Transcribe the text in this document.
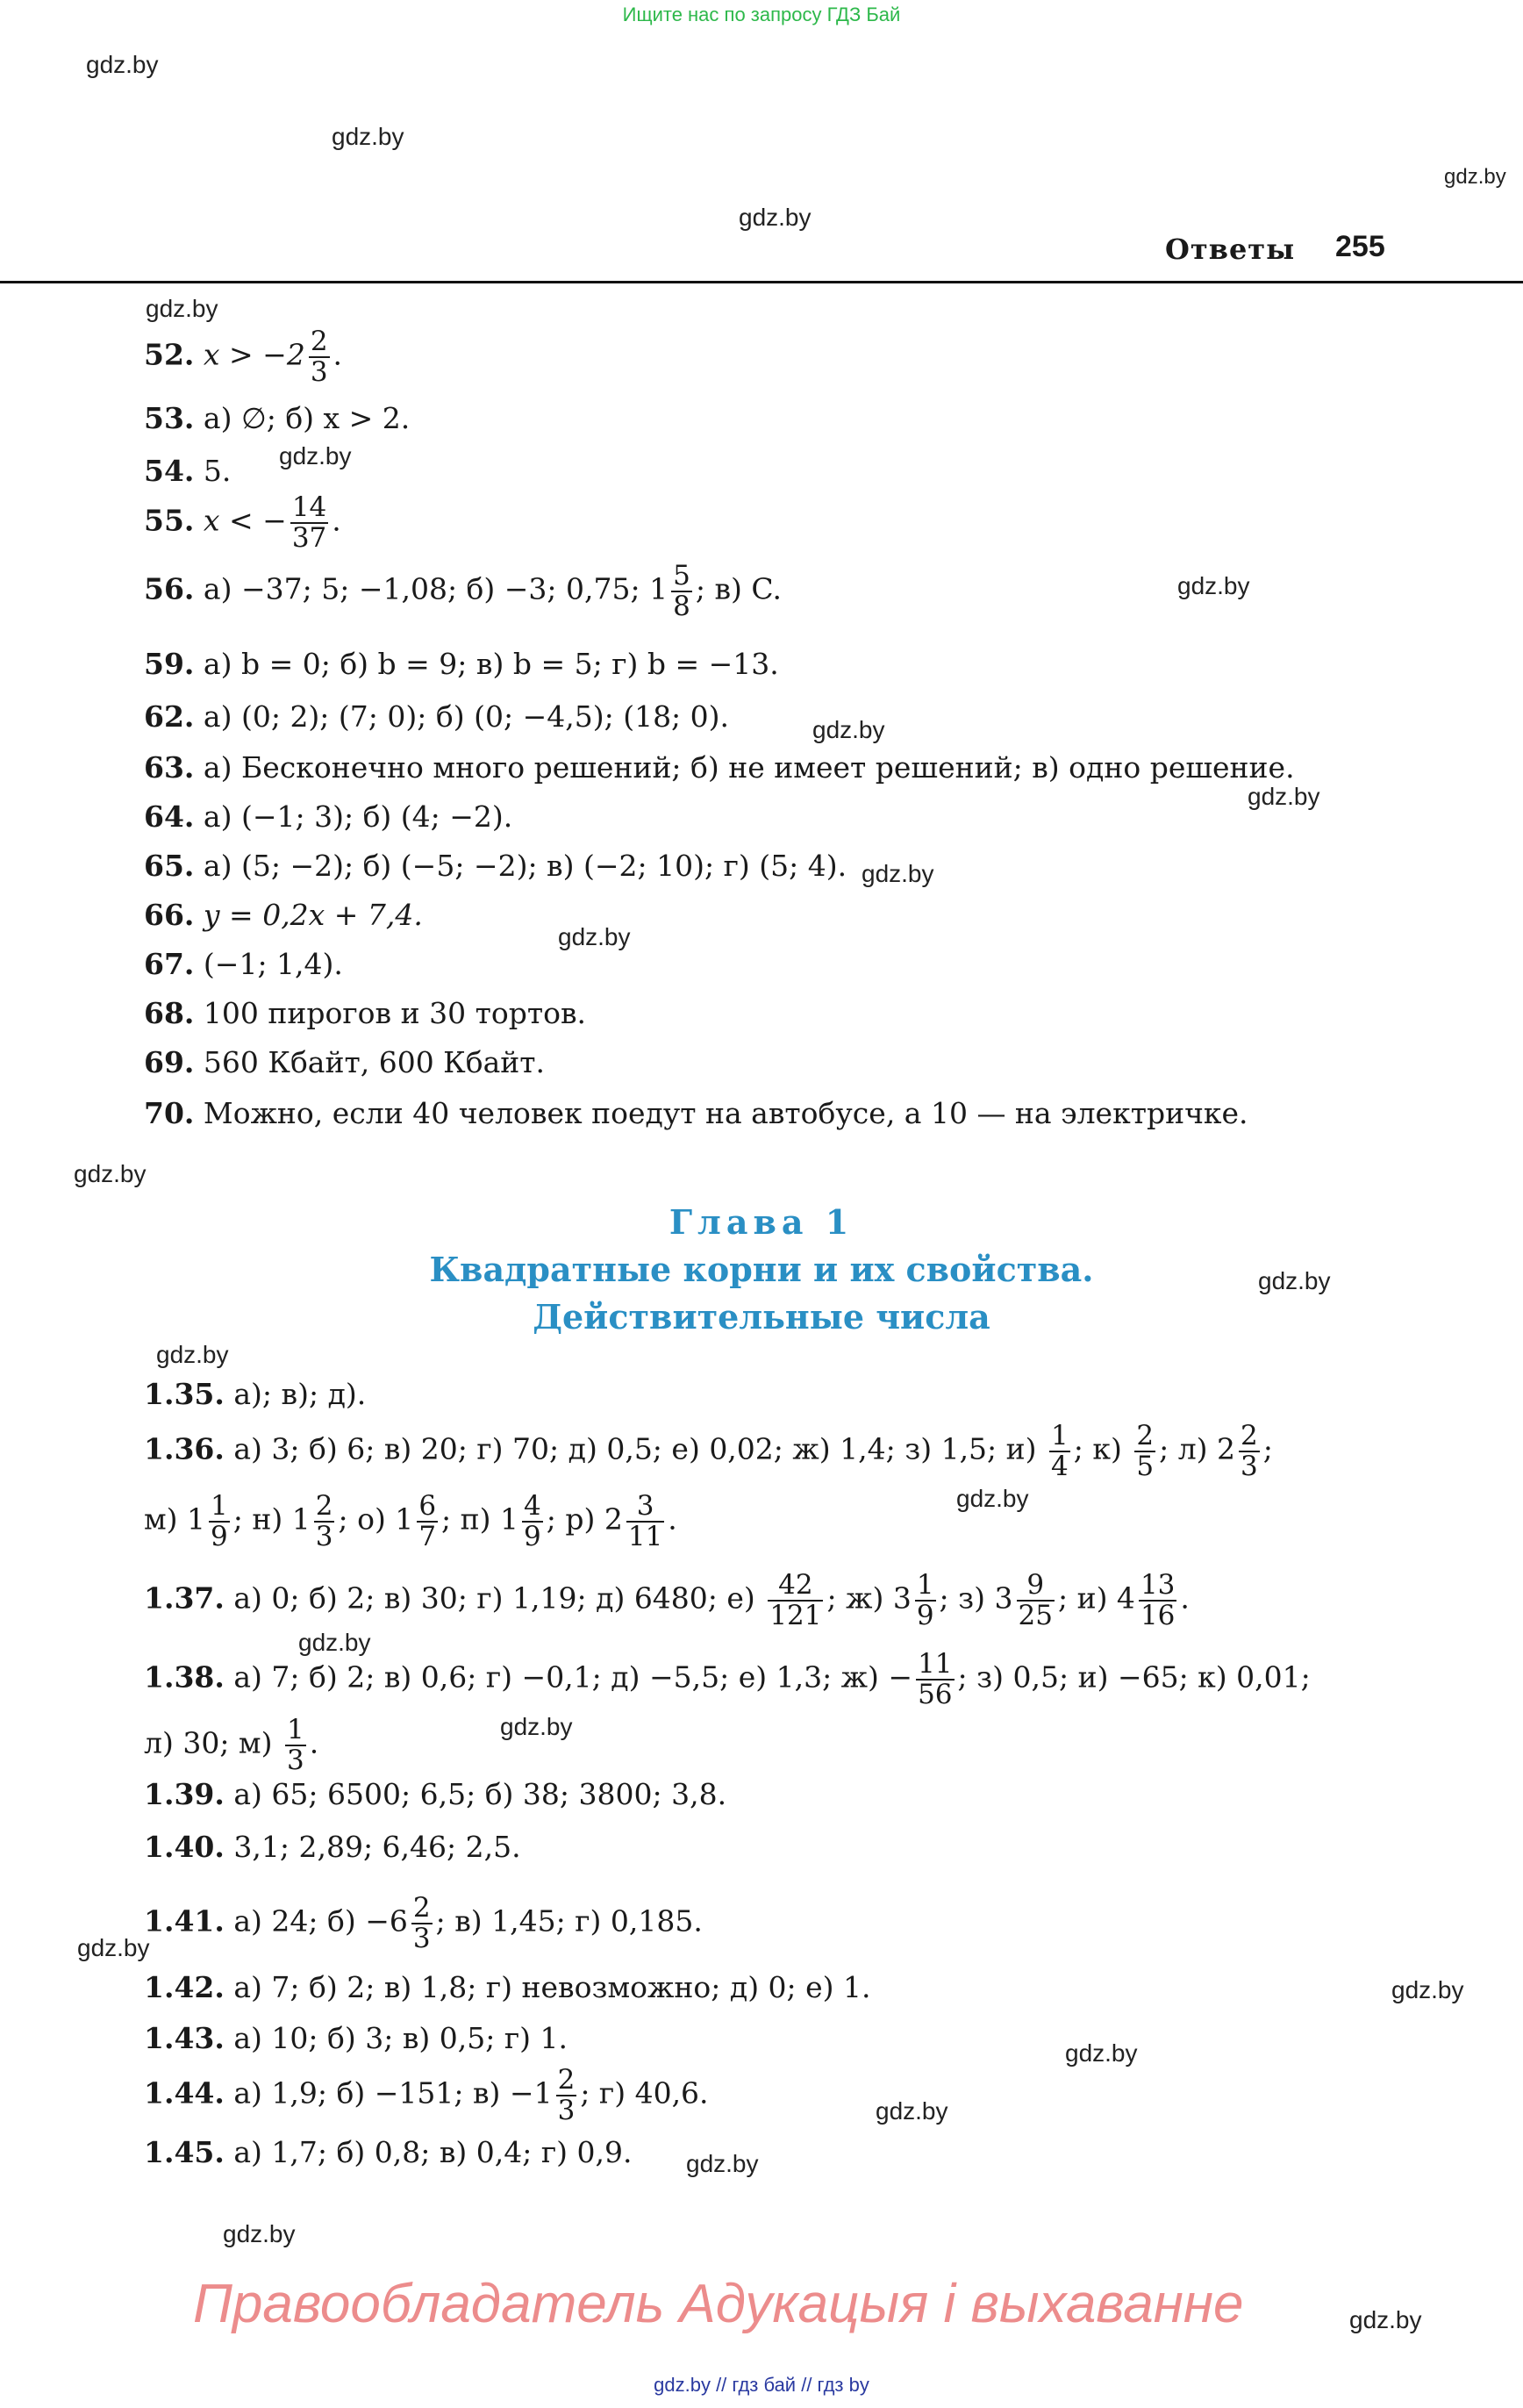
Ищите нас по запросу ГДЗ Бай
gdz.by
gdz.by
gdz.by
gdz.by
Ответы 255
gdz.by
52. $x > -2 \frac{2}{3}$ .
53. а) ∅; б) x > 2.
54. 5. gdz.by
55. x < − $\frac{14}{37}$ .
56. а) −37; 5; −1,08; б) −3; 0,75; $1 \frac{5}{8}$ ; в) C.	gdz.by
59. а) b = 0; б) b = 9; в) b = 5; г) b = −13.
62. а) (0; 2); (7; 0); б) (0; −4,5); (18; 0).	gdz.by
63. а) Бесконечно много решений; б) не имеет решений; в) одно решение.
64. а) (−1; 3); б) (4; −2).
gdz.by
65. а) (5; −2); б) (−5; −2); в) (−2; 10); г) (5; 4). gdz.by
66. y = 0,2x + 7,4.
gdz.by
67. (−1; 1,4).
68. 100 пирогов и 30 тортов.
69. 560 Кбайт, 600 Кбайт.
70. Можно, если 40 человек поедут на автобусе, а 10 — на электричке.
gdz.by
Глава 1
Квадратные корни и их свойства.
Действительные числа
gdz.by
gdz.by
1.35. а); в); д).
1.36. а) 3; б) 6; в) 20; г) 70; д) 0,5; е) 0,02; ж) 1,4; з) 1,5; $и) \frac{1}{4}$ ; $к) \frac{2}{5}$ ; л) $2 \frac{2}{3}$ ;
м) $1 \frac{1}{9}$ ; н) $1 \frac{2}{3}$ ; о) $1 \frac{6}{7}$ ; п) $1 \frac{4}{9}$ ; р) $2 \frac{3}{11}$ .
gdz.by
1.37. а) 0; б) 2; в) 30; г) 1,19; д) 6480; $е) \frac{42}{121}$ ; ж) $3 \frac{1}{9}$ ; з) $3 \frac{9}{25}$ ; и) $4 \frac{13}{16}$ .
gdz.by
1.38. а) 7; б) 2; в) 0,6; г) −0,1; д) −5,5; е) 1,3; $ж) - \frac{11}{56}$ ; з) 0,5; и) −65; к) 0,01;
л) 30; $м) \frac{1}{3}$ .	gdz.by
1.39. а) 65; 6500; 6,5; б) 38; 3800; 3,8.
1.40. 3,1; 2,89; 6,46; 2,5.
1.41. а) 24; $б) -6 \frac{2}{3}$ ; в) 1,45; г) 0,185.
gdz.by
1.42. а) 7; б) 2; в) 1,8; г) невозможно; д) 0; е) 1.	gdz.by
1.43. а) 10; б) 3; в) 0,5; г) 1.	gdz.by
1.44. а) 1,9; б) −151; $в) -1 \frac{2}{3}$ ; г) 40,6.
gdz.by
1.45. а) 1,7; б) 0,8; в) 0,4; г) 0,9. gdz.by
gdz.by
Правообладатель Адукацыя і выхаванне	gdz.by
gdz.by // гдз бай // гдз by
